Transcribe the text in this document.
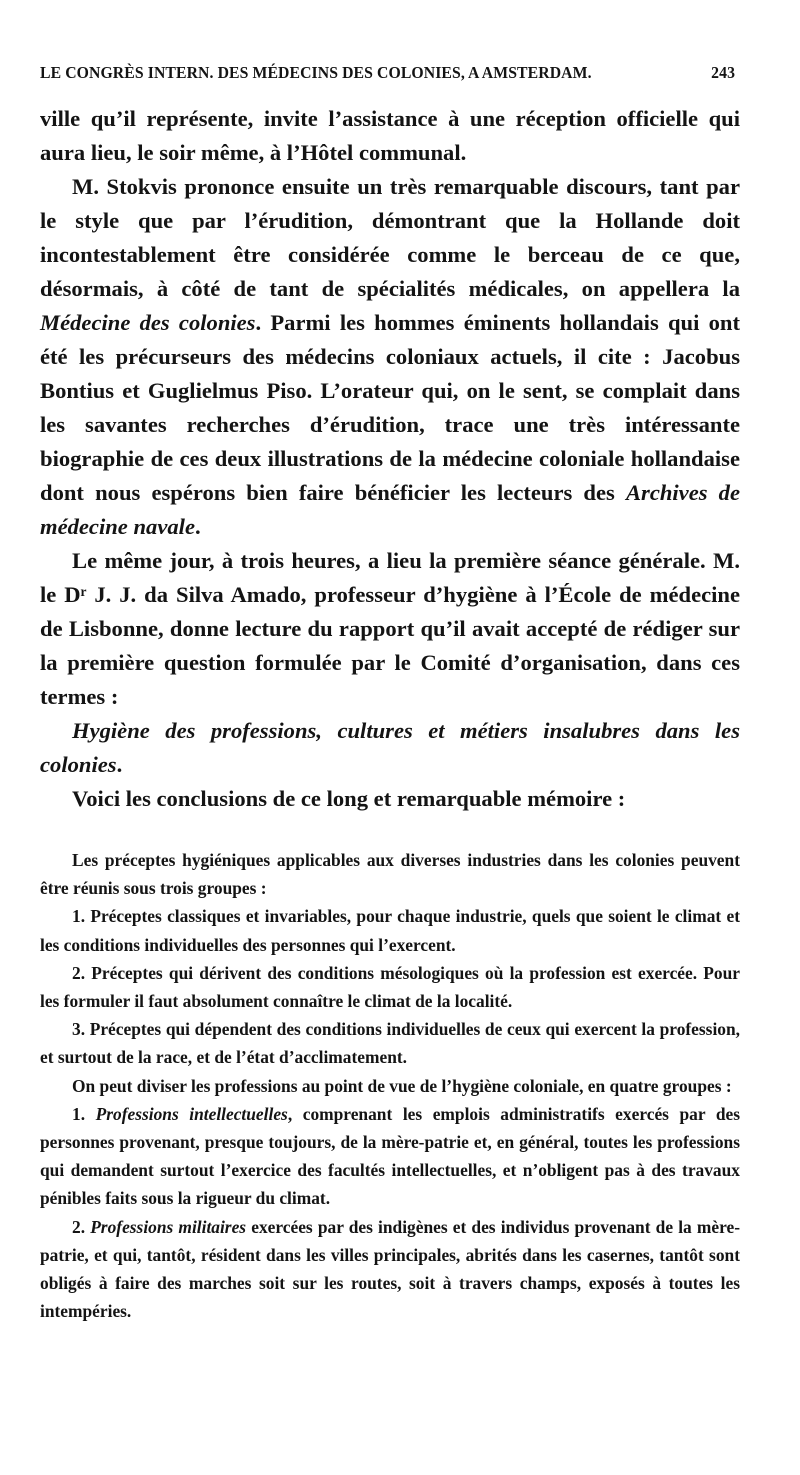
LE CONGRÈS INTERN. DES MÉDECINS DES COLONIES, A AMSTERDAM.	243

ville qu’il représente, invite l’assistance à une réception officielle qui aura lieu, le soir même, à l’Hôtel communal.

M. Stokvis prononce ensuite un très remarquable discours, tant par le style que par l’érudition, démontrant que la Hollande doit incontestablement être considérée comme le berceau de ce que, désormais, à côté de tant de spécialités médicales, on appellera la Médecine des colonies. Parmi les hommes éminents hollandais qui ont été les précurseurs des médecins coloniaux actuels, il cite : Jacobus Bontius et Guglielmus Piso. L’orateur qui, on le sent, se complait dans les savantes recherches d’érudition, trace une très intéressante biographie de ces deux illustrations de la médecine coloniale hollandaise dont nous espérons bien faire bénéficier les lecteurs des Archives de médecine navale.

Le même jour, à trois heures, a lieu la première séance générale. M. le Dʳ J. J. da Silva Amado, professeur d’hygiène à l’École de médecine de Lisbonne, donne lecture du rapport qu’il avait accepté de rédiger sur la première question formulée par le Comité d’organisation, dans ces termes :

Hygiène des professions, cultures et métiers insalubres dans les colonies.

Voici les conclusions de ce long et remarquable mémoire :

Les préceptes hygiéniques applicables aux diverses industries dans les colonies peuvent être réunis sous trois groupes :

1. Préceptes classiques et invariables, pour chaque industrie, quels que soient le climat et les conditions individuelles des personnes qui l’exercent.

2. Préceptes qui dérivent des conditions mésologiques où la profession est exercée. Pour les formuler il faut absolument connaître le climat de la localité.

3. Préceptes qui dépendent des conditions individuelles de ceux qui exercent la profession, et surtout de la race, et de l’état d’acclimatement.

On peut diviser les professions au point de vue de l’hygiène coloniale, en quatre groupes :

1. Professions intellectuelles, comprenant les emplois administratifs exercés par des personnes provenant, presque toujours, de la mère-patrie et, en général, toutes les professions qui demandent surtout l’exercice des facultés intellectuelles, et n’obligent pas à des travaux pénibles faits sous la rigueur du climat.

2. Professions militaires exercées par des indigènes et des individus provenant de la mère-patrie, et qui, tantôt, résident dans les villes principales, abrités dans les casernes, tantôt sont obligés à faire des marches soit sur les routes, soit à travers champs, exposés à toutes les intempéries.
